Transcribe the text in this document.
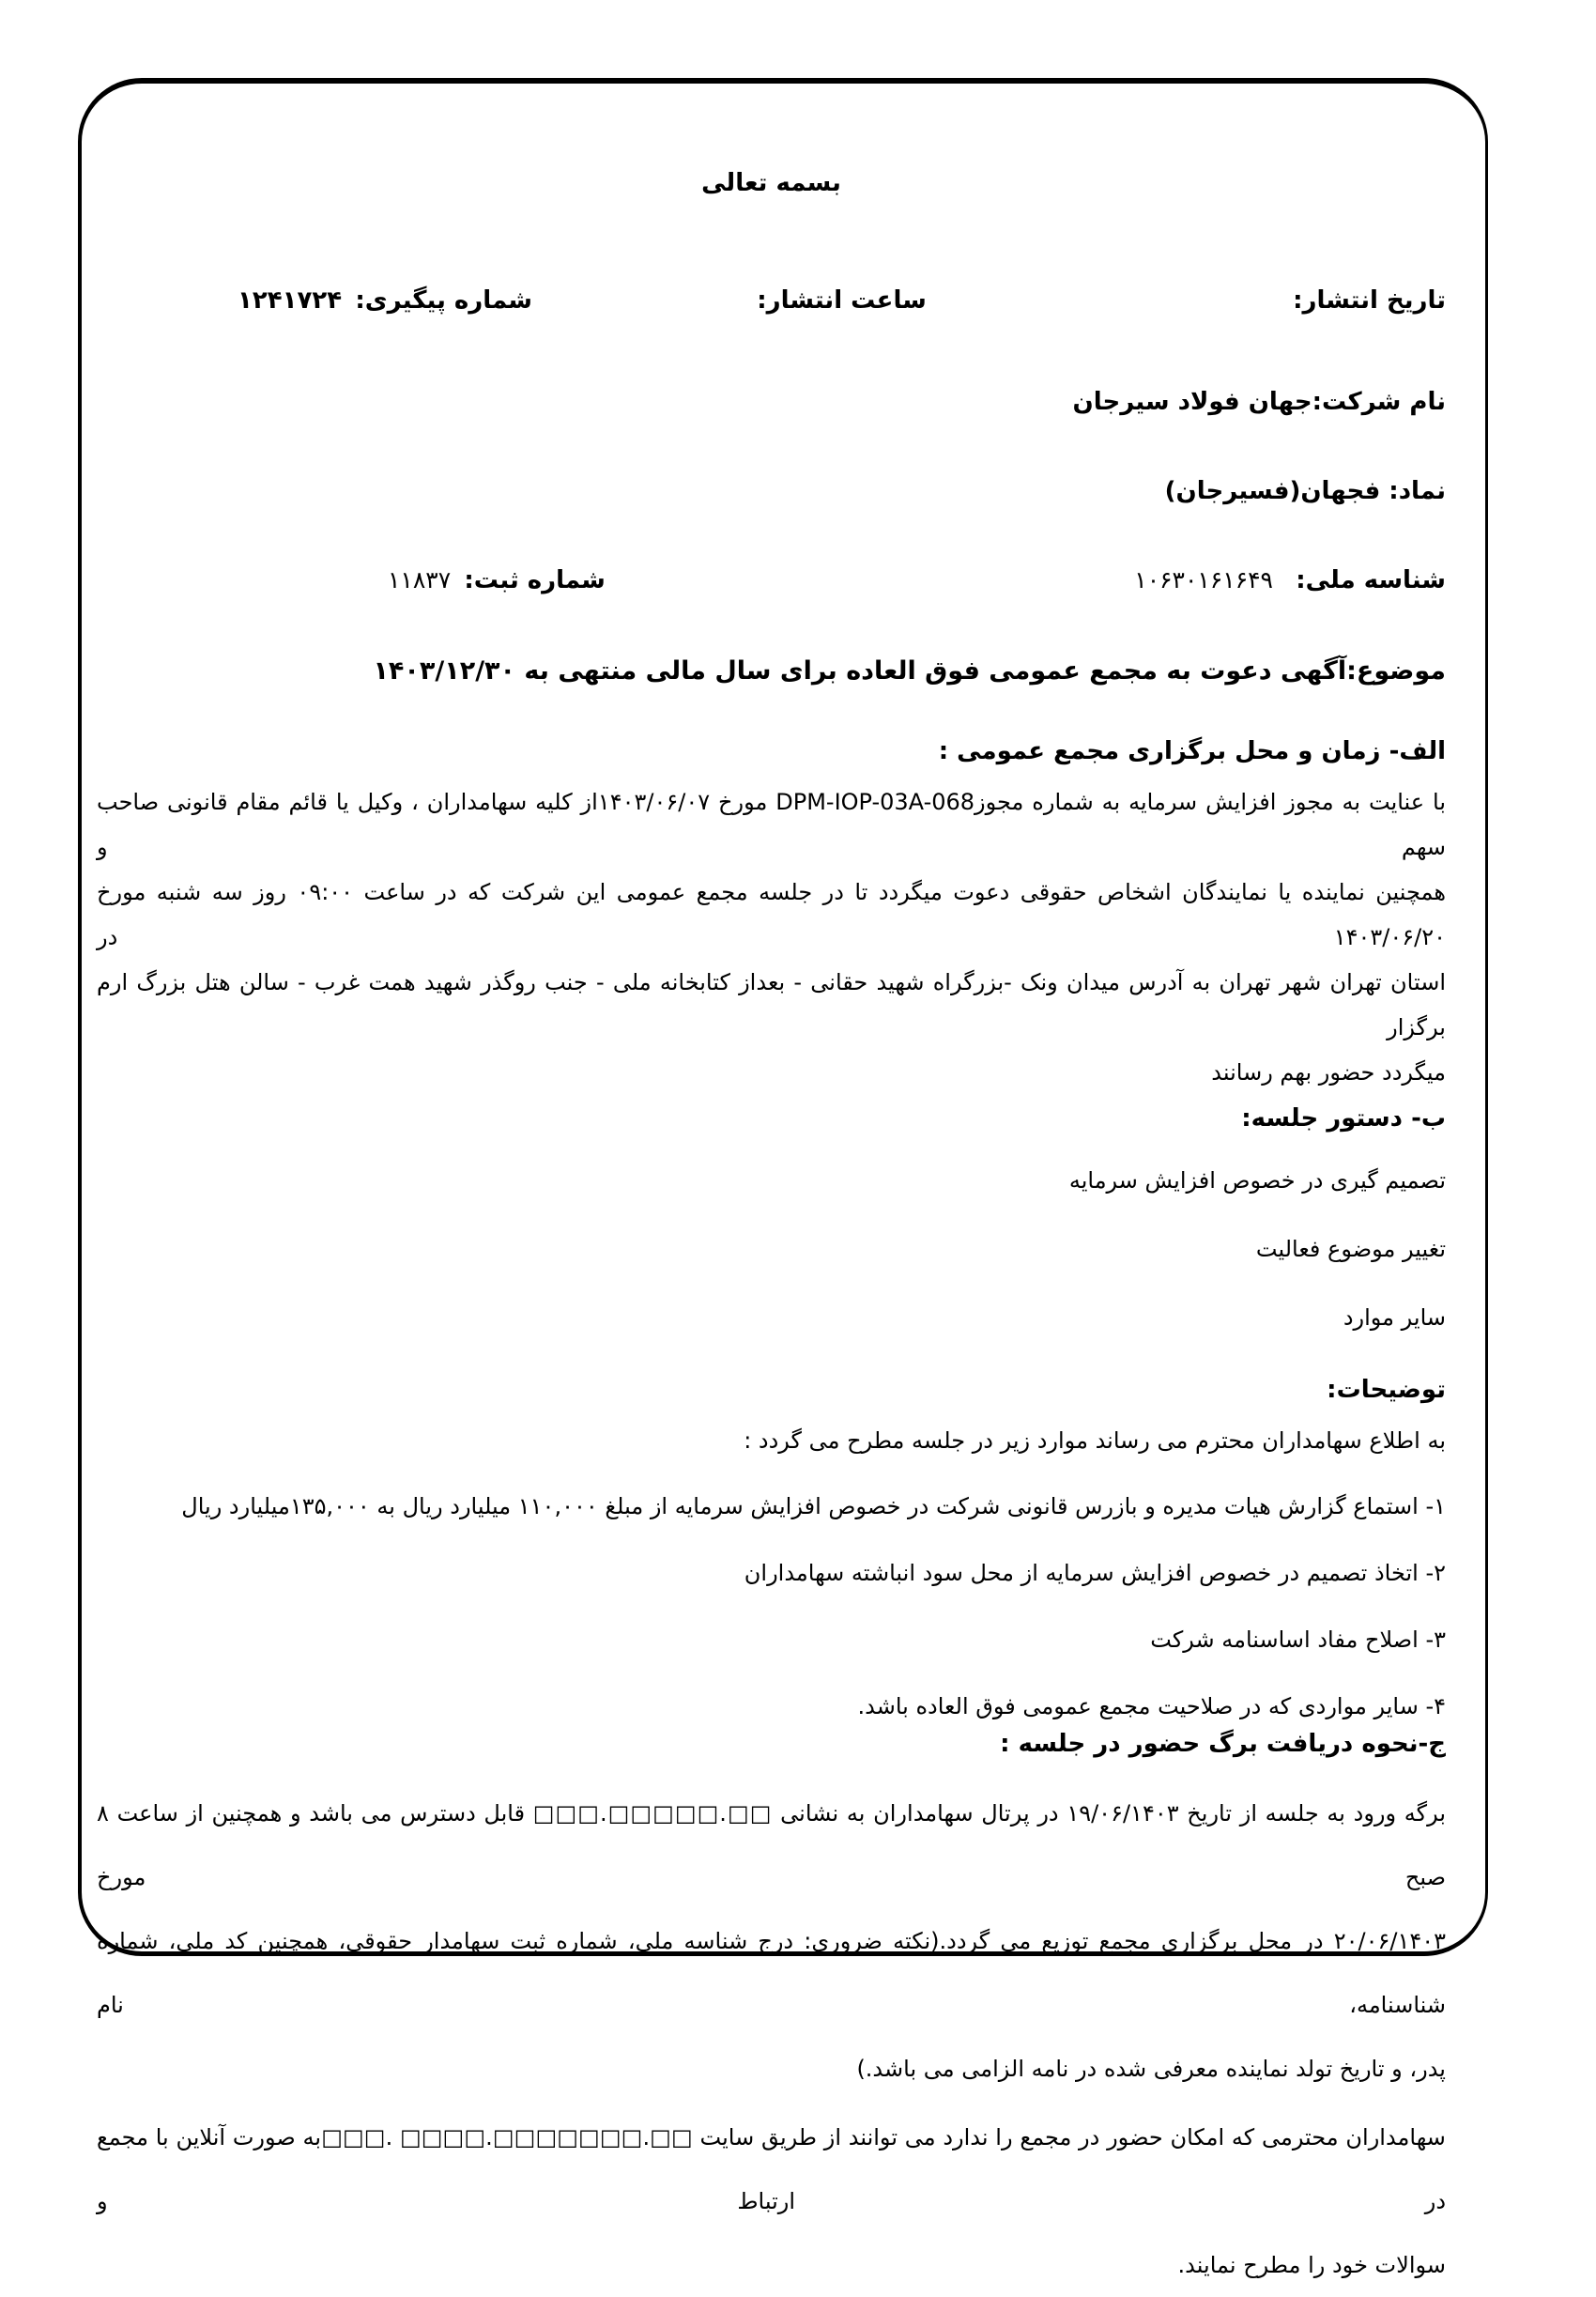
بسمه تعالی
تاریخ انتشار:
ساعت انتشار:
شماره پیگیری: ۱۲۴۱۷۲۴
نام شرکت:جهان فولاد سیرجان
نماد: فجهان(فسیرجان)
شناسه ملی: ۱۰۶۳۰۱۶۱۶۴۹
شماره ثبت: ۱۱۸۳۷
موضوع:آگهی دعوت به مجمع عمومی فوق العاده برای سال مالی منتهی به ۱۴۰۳/۱۲/۳۰
الف- زمان و محل برگزاری مجمع عمومی :
با عنایت به مجوز افزایش سرمایه به شماره مجوزDPM-IOP-03A-068 مورخ ۱۴۰۳/۰۶/۰۷از کلیه سهامداران ، وکیل یا قائم مقام قانونی صاحب سهم و
همچنین نماینده یا نمایندگان اشخاص حقوقی دعوت میگردد تا در جلسه مجمع عمومی این شرکت که در ساعت ۰۹:۰۰ روز سه شنبه مورخ ۱۴۰۳/۰۶/۲۰ در
استان تهران شهر تهران به آدرس میدان ونک -بزرگراه شهید حقانی - بعداز کتابخانه ملی - جنب روگذر شهید همت غرب - سالن هتل بزرگ ارم برگزار
میگردد حضور بهم رسانند
ب- دستور جلسه:
تصمیم گیری در خصوص افزایش سرمایه
تغییر موضوع فعالیت
سایر موارد
توضیحات:
به اطلاع سهامداران محترم می رساند موارد زیر در جلسه مطرح می گردد :
۱- استماع گزارش هیات مدیره و بازرس قانونی شرکت در خصوص افزایش سرمایه از مبلغ ۱۱۰,۰۰۰ میلیارد ریال به ۱۳۵,۰۰۰میلیارد ریال
۲- اتخاذ تصمیم در خصوص افزایش سرمایه از محل سود انباشته سهامداران
۳- اصلاح مفاد اساسنامه شرکت
۴- سایر مواردی که در صلاحیت مجمع عمومی فوق العاده باشد.
ج-نحوه دریافت برگ حضور در جلسه :
برگه ورود به جلسه از تاریخ ۱۹/۰۶/۱۴۰۳ در پرتال سهامداران به نشانی □□□.□□□□□.□□ قابل دسترس می باشد و همچنین از ساعت ۸ صبح مورخ
۲۰/۰۶/۱۴۰۳ در محل برگزاری مجمع توزیع می گردد.(نکته ضروری: درج شناسه ملی، شماره ثبت سهامدار حقوقی، همچنین کد ملی، شماره شناسنامه، نام
پدر، و تاریخ تولد نماینده معرفی شده در نامه الزامی می باشد.)
سهامداران محترمی که امکان حضور در مجمع را ندارد می توانند از طریق سایت □□□. □□□□.□□□□□□□.□□به صورت آنلاین با مجمع در ارتباط و
سوالات خود را مطرح نمایند.
